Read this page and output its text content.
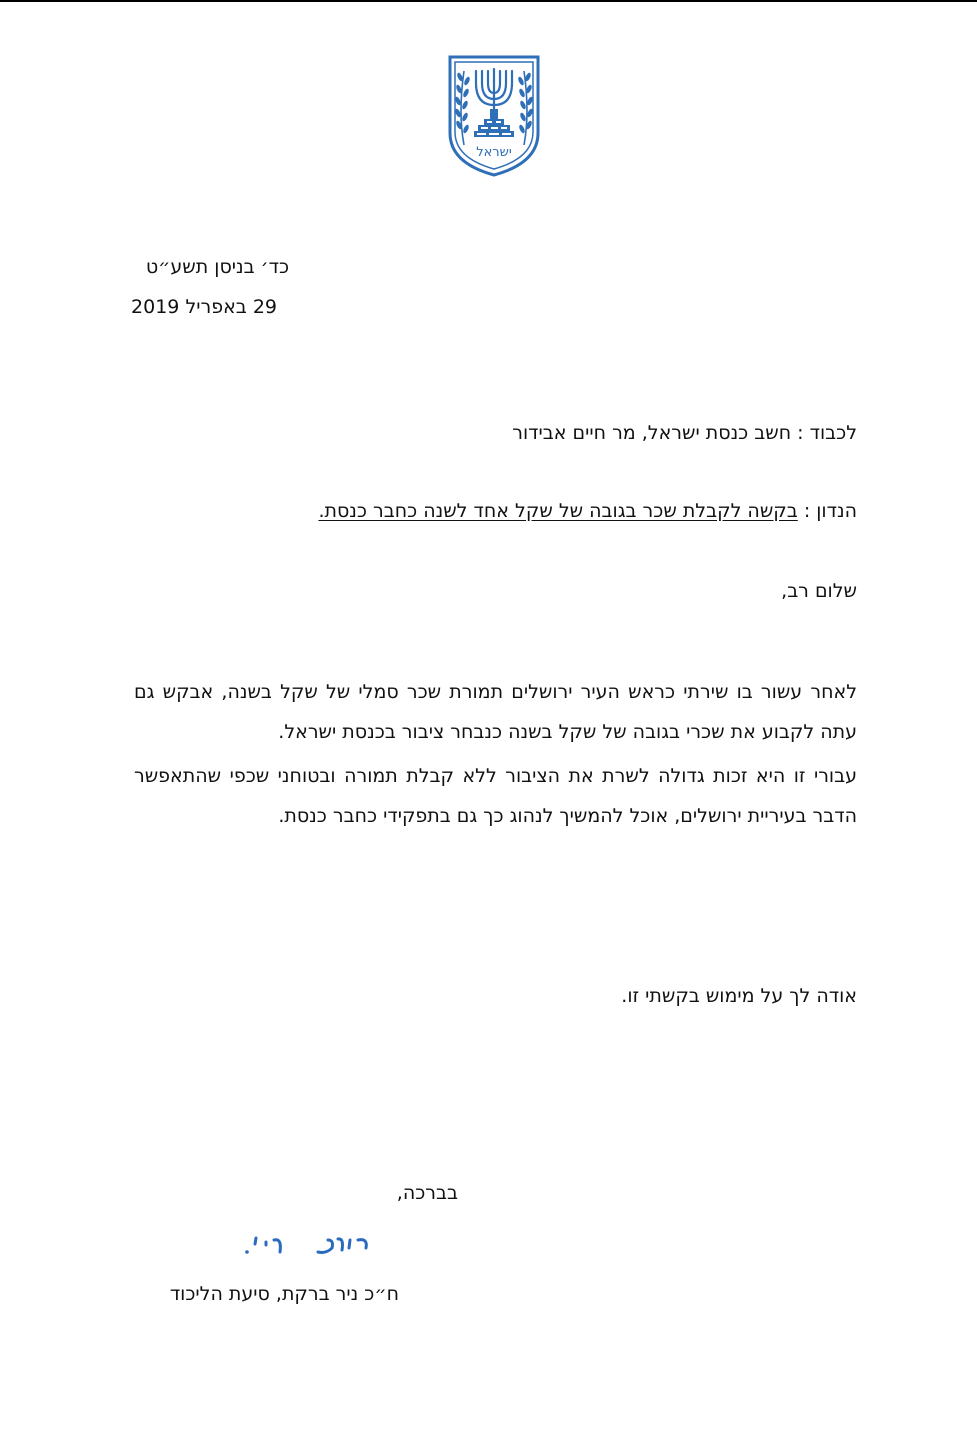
ישראל
כד׳ בניסן תשע״ט
29 באפריל 2019
לכבוד : חשב כנסת ישראל, מר חיים אבידור
הנדון : בקשה לקבלת שכר בגובה של שקל אחד לשנה כחבר כנסת.
שלום רב,
לאחר עשור בו שירתי כראש העיר ירושלים תמורת שכר סמלי של שקל בשנה, אבקש גם עתה לקבוע את שכרי בגובה של שקל בשנה כנבחר ציבור בכנסת ישראל.
עבורי זו היא זכות גדולה לשרת את הציבור ללא קבלת תמורה ובטוחני שכפי שהתאפשר הדבר בעיריית ירושלים, אוכל להמשיך לנהוג כך גם בתפקידי כחבר כנסת.
אודה לך על מימוש בקשתי זו.
בברכה,
ח״כ ניר ברקת, סיעת הליכוד
